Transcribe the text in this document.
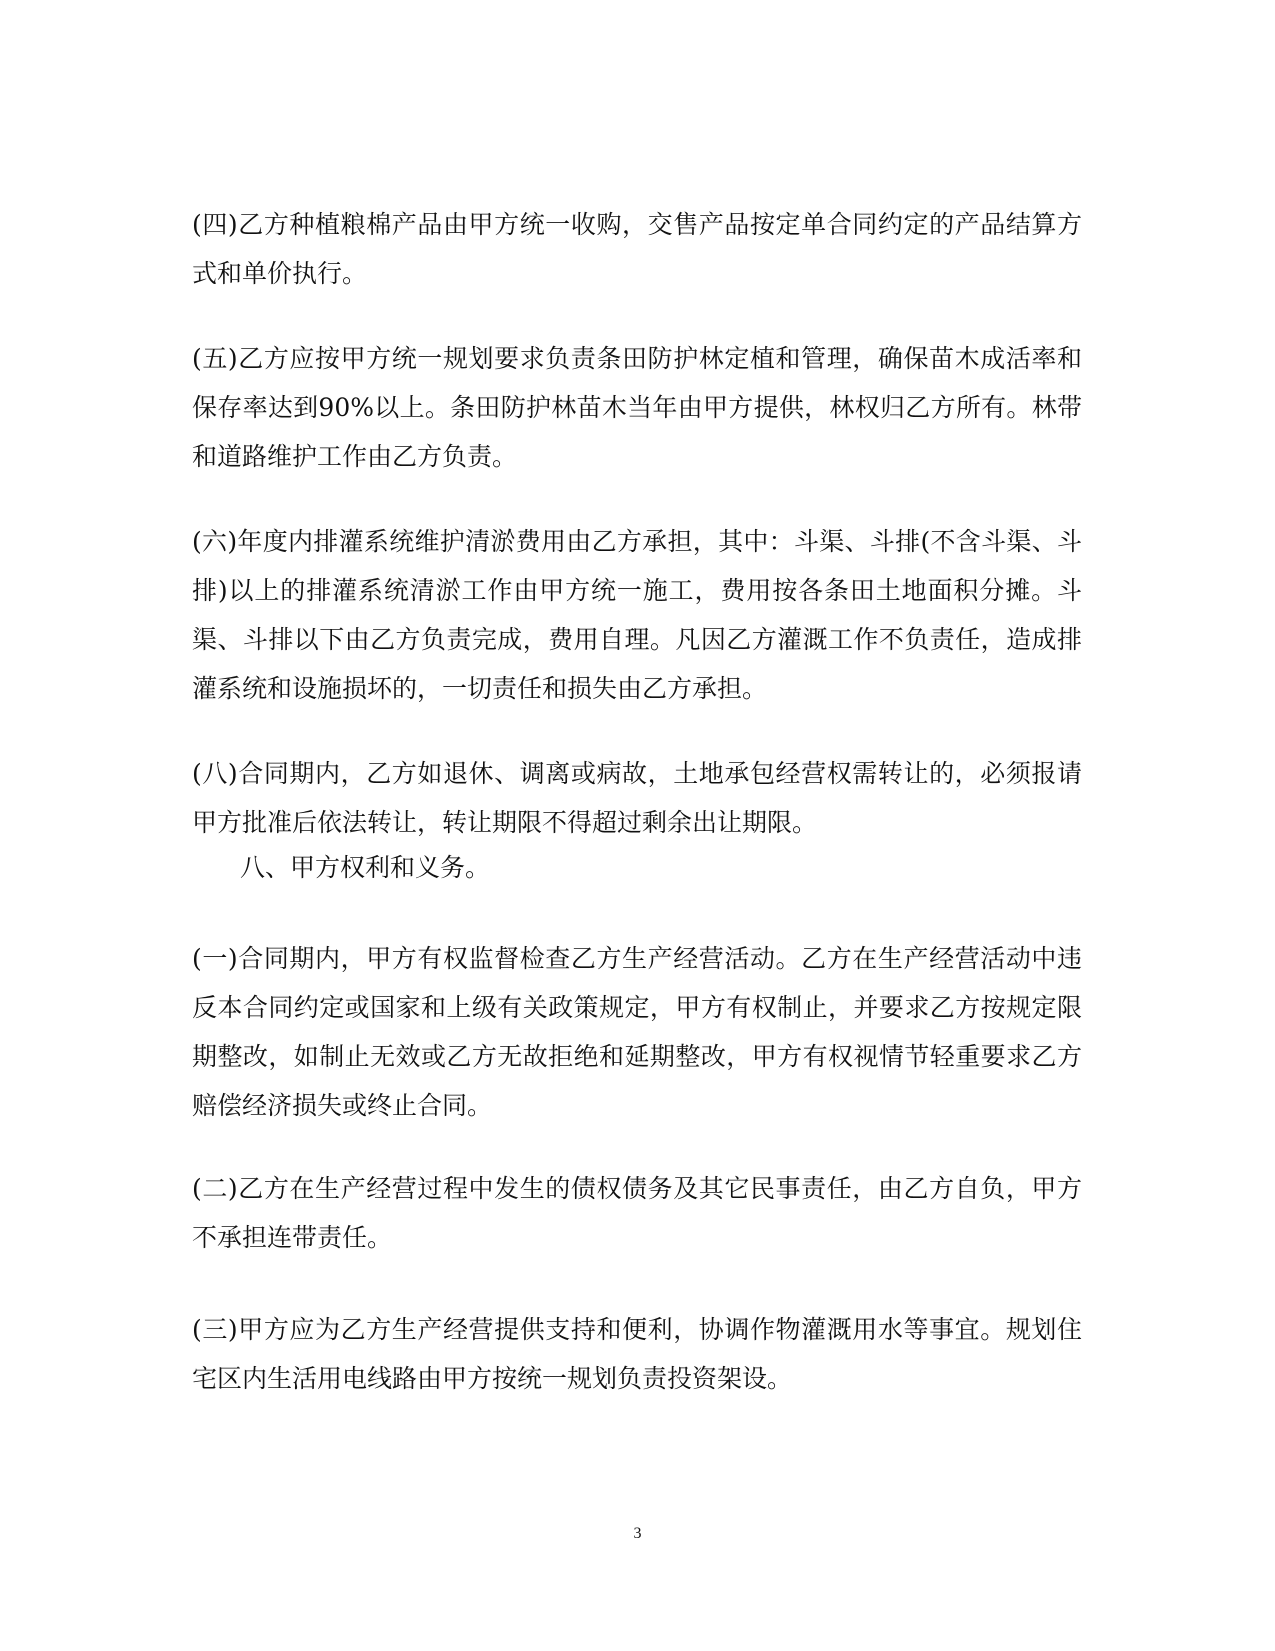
(四)乙方种植粮棉产品由甲方统一收购，交售产品按定单合同约定的产品结算方式和单价执行。

(五)乙方应按甲方统一规划要求负责条田防护林定植和管理，确保苗木成活率和保存率达到90%以上。条田防护林苗木当年由甲方提供，林权归乙方所有。林带和道路维护工作由乙方负责。

(六)年度内排灌系统维护清淤费用由乙方承担，其中：斗渠、斗排(不含斗渠、斗排)以上的排灌系统清淤工作由甲方统一施工，费用按各条田土地面积分摊。斗渠、斗排以下由乙方负责完成，费用自理。凡因乙方灌溉工作不负责任，造成排灌系统和设施损坏的，一切责任和损失由乙方承担。

(八)合同期内，乙方如退休、调离或病故，土地承包经营权需转让的，必须报请甲方批准后依法转让，转让期限不得超过剩余出让期限。

八、甲方权利和义务。

(一)合同期内，甲方有权监督检查乙方生产经营活动。乙方在生产经营活动中违反本合同约定或国家和上级有关政策规定，甲方有权制止，并要求乙方按规定限期整改，如制止无效或乙方无故拒绝和延期整改，甲方有权视情节轻重要求乙方赔偿经济损失或终止合同。

(二)乙方在生产经营过程中发生的债权债务及其它民事责任，由乙方自负，甲方不承担连带责任。

(三)甲方应为乙方生产经营提供支持和便利，协调作物灌溉用水等事宜。规划住宅区内生活用电线路由甲方按统一规划负责投资架设。

3
